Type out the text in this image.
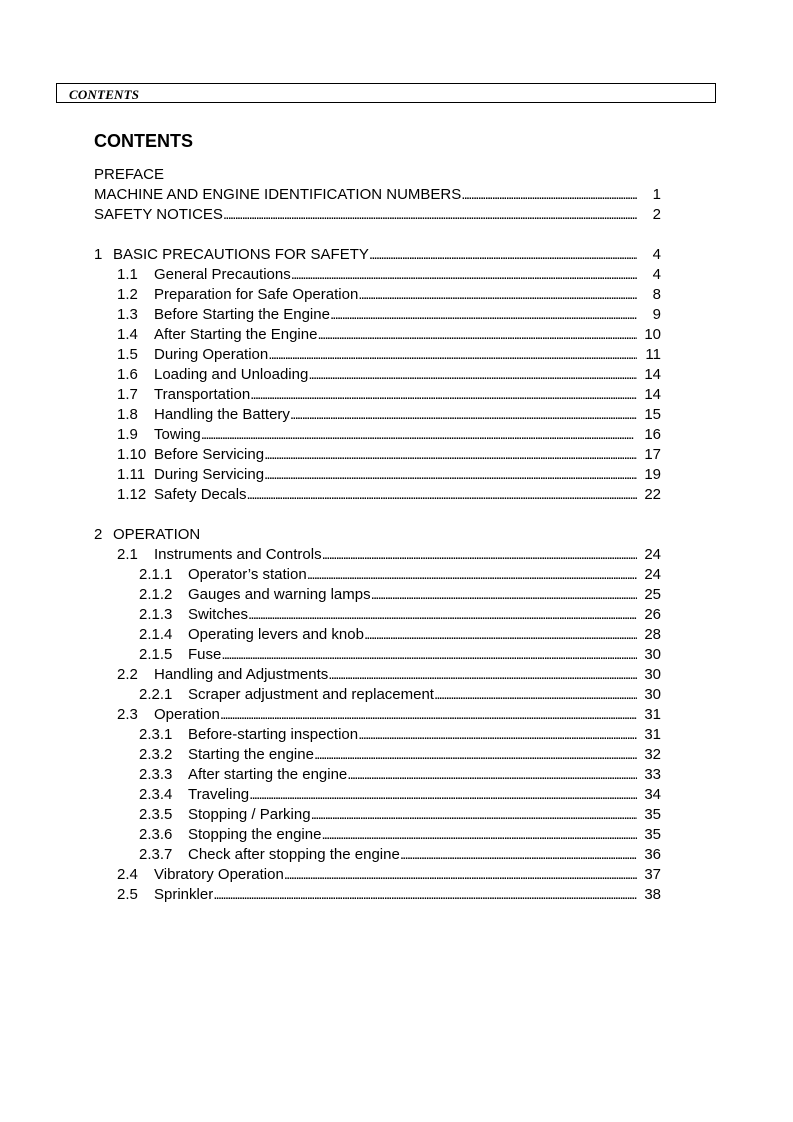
CONTENTS
CONTENTS
PREFACE
MACHINE AND ENGINE IDENTIFICATION NUMBERS . . .	1
SAFETY NOTICES . . .	2
1 BASIC PRECAUTIONS FOR SAFETY . . .	4
1.1	General Precautions . . .	4
1.2	Preparation for Safe Operation . . .	8
1.3	Before Starting the Engine . . .	9
1.4	After Starting the Engine . . .	10
1.5	During Operation . . .	11
1.6	Loading and Unloading . . .	14
1.7	Transportation . . .	14
1.8	Handling the Battery . . .	15
1.9	Towing . . .	16
1.10 Before Servicing . . .	17
1.11 During Servicing . . .	19
1.12 Safety Decals . . .	22
2 OPERATION
2.1	Instruments and Controls . . .	24
2.1.1	Operator’s station . . .	24
2.1.2	Gauges and warning lamps . . .	25
2.1.3	Switches . . .	26
2.1.4	Operating levers and knob . . .	28
2.1.5	Fuse . . .	30
2.2	Handling and Adjustments . . .	30
2.2.1	Scraper adjustment and replacement . . .	30
2.3	Operation . . .	31
2.3.1	Before-starting inspection . . .	31
2.3.2	Starting the engine . . .	32
2.3.3	After starting the engine . . .	33
2.3.4	Traveling . . .	34
2.3.5	Stopping / Parking . . .	35
2.3.6	Stopping the engine . . .	35
2.3.7	Check after stopping the engine . . .	36
2.4	Vibratory Operation . . .	37
2.5	Sprinkler . . .	38
